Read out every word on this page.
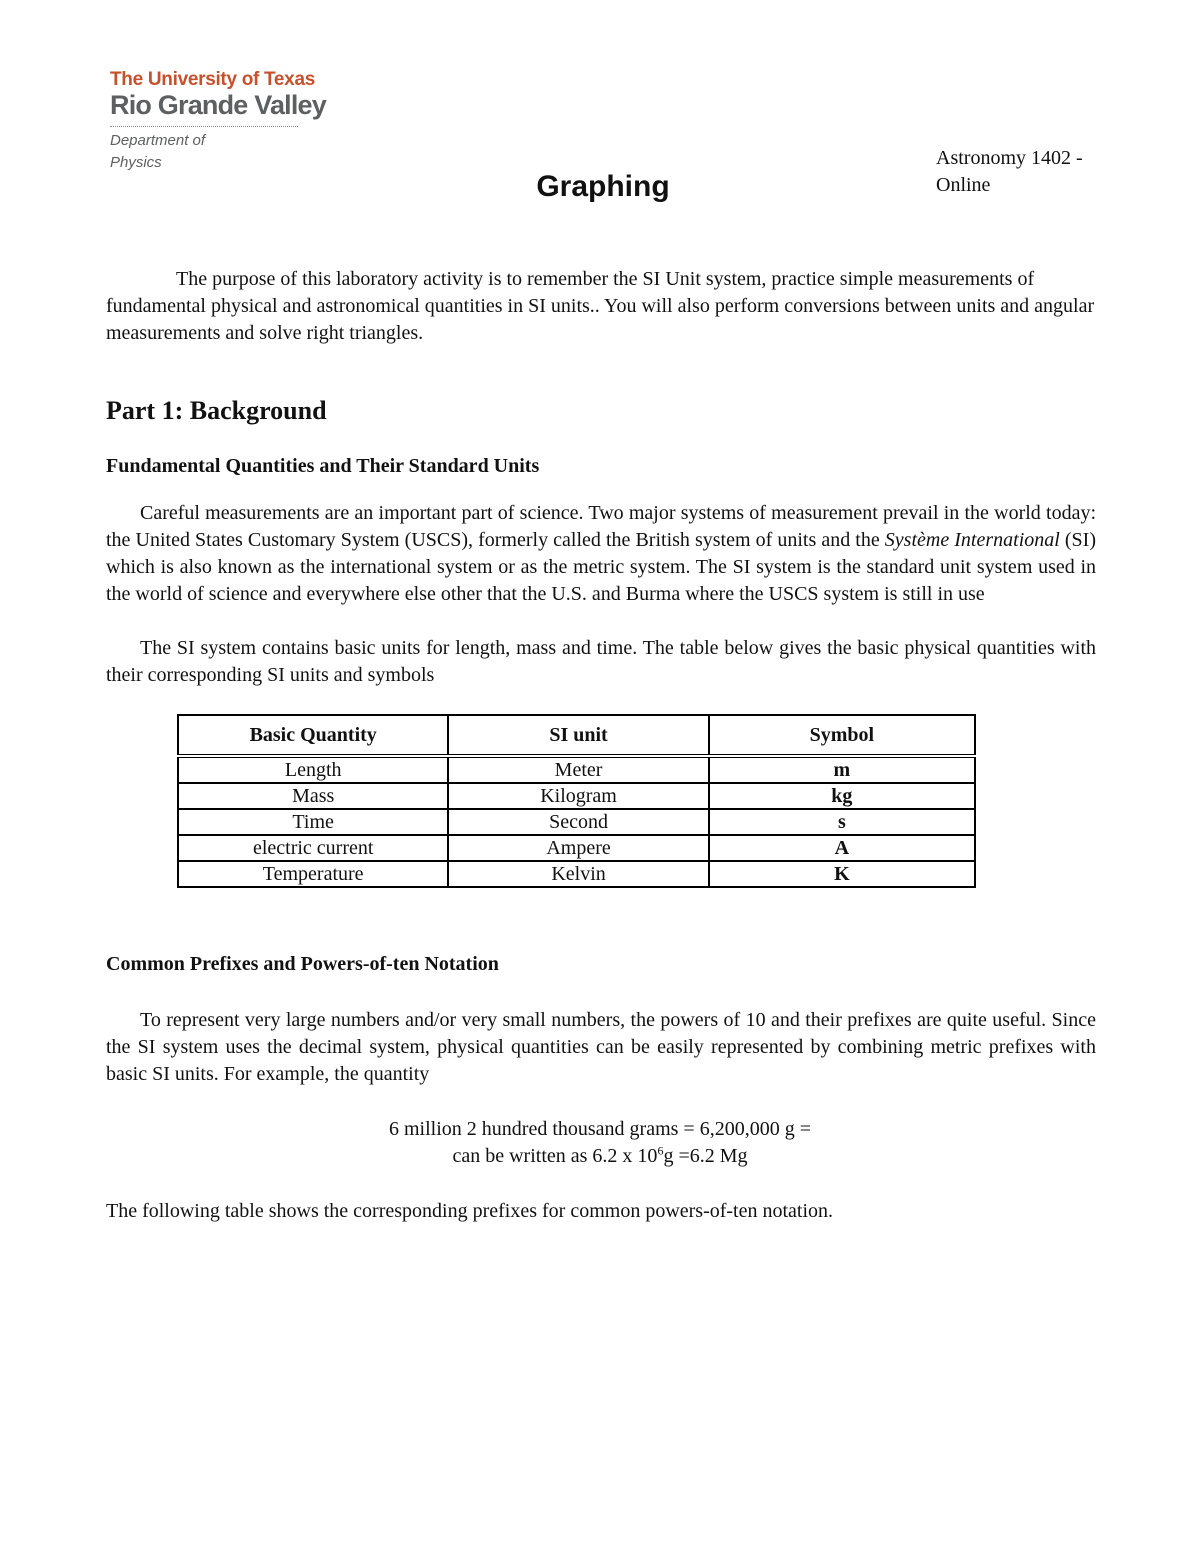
The University of Texas
Rio Grande Valley
Department of
Physics	Astronomy 1402 -
Online
Graphing
The purpose of this laboratory activity is to remember the SI Unit system, practice simple measurements of fundamental physical and astronomical quantities in SI units.. You will also perform conversions between units and angular measurements and solve right triangles.
Part 1: Background
Fundamental Quantities and Their Standard Units
Careful measurements are an important part of science. Two major systems of measurement prevail in the world today: the United States Customary System (USCS), formerly called the British system of units and the Système International (SI) which is also known as the international system or as the metric system. The SI system is the standard unit system used in the world of science and everywhere else other that the U.S. and Burma where the USCS system is still in use
The SI system contains basic units for length, mass and time. The table below gives the basic physical quantities with their corresponding SI units and symbols
Basic Quantity	SI unit	Symbol
Length	Meter	m
Mass	Kilogram	kg
Time	Second	s
electric current	Ampere	A
Temperature	Kelvin	K
Common Prefixes and Powers-of-ten Notation
To represent very large numbers and/or very small numbers, the powers of 10 and their prefixes are quite useful. Since the SI system uses the decimal system, physical quantities can be easily represented by combining metric prefixes with basic SI units. For example, the quantity
6 million 2 hundred thousand grams = 6,200,000 g =
can be written as 6.2 x $10^6g =6.2$ Mg
The following table shows the corresponding prefixes for common powers-of-ten notation.
